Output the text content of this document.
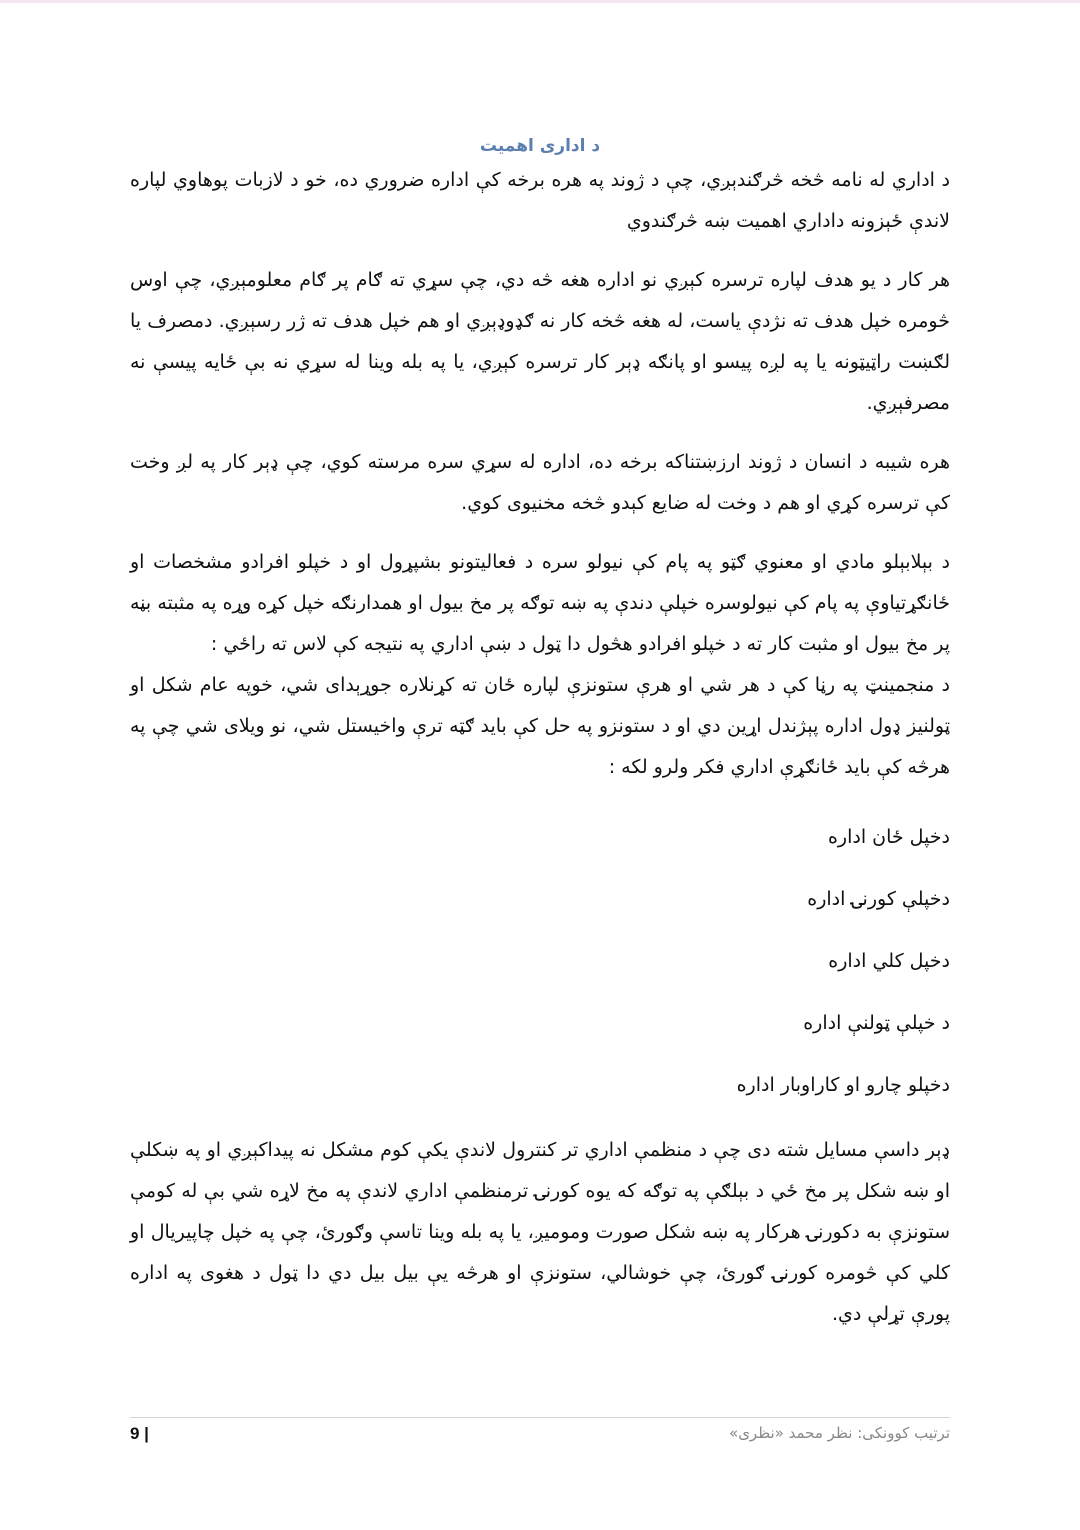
د اداری اهمیت

د اداري له نامه څخه څرګندېږي، چې د ژوند په هره برخه کې اداره ضروري ده، خو د لازبات پوهاوي لپاره لاندې ځېزونه داداري اهمیت ښه څرګندوي

هر کار د یو هدف لپاره ترسره کېږي نو اداره هغه څه دي، چې سړي ته ګام پر ګام معلومېږي، چې اوس څومره خپل هدف ته نژدې یاست، له هغه څخه کار نه ګډوډېږي او هم خپل هدف ته ژر رسېږي. دمصرف یا لګښت راټیټونه یا په لږه پیسو او پانګه ډېر کار ترسره کېږي، یا په بله وینا له سړي نه بې ځایه پیسې نه مصرفېږي.

هره شیبه د انسان د ژوند ارزښتناکه برخه ده، اداره له سړي سره مرسته کوي، چې ډېر کار په لږ وخت کې ترسره کړي او هم د وخت له ضایع کېدو څخه مخنیوی کوي.

د بېلابېلو مادي او معنوي ګټو په پام کې نیولو سره د فعالیتونو بشپړول او د خپلو افرادو مشخصات او ځانګړتیاوې په پام کې نیولوسره خپلې دندې په ښه توګه پر مخ بیول او همدارنګه خپل کړه وړه په مثبته بڼه پر مخ بیول او مثبت کار ته د خپلو افرادو هڅول دا ټول د ښې اداري په نتیجه کې لاس ته راځي :

د منجمینټ په رڼا کې د هر شي او هرې ستونزې لپاره ځان ته کړنلاره جوړېدای شي، خوپه عام شکل او ټولنیز ډول اداره پېژندل اړین دي او د ستونزو په حل کې باید ګټه ترې واخیستل شي، نو ویلای شي چې په هرڅه کې باید ځانګړې اداري فکر ولرو لکه :

دخپل ځان اداره
دخپلې کورنۍ اداره
دخپل کلي اداره
د خپلې ټولنې اداره
دخپلو چارو او کاراوبار اداره

ډېر داسې مسایل شته دی چې د منظمې اداري تر کنترول لاندې یکې کوم مشکل نه پیداکېږي او په ښکلې او ښه شکل پر مخ ځي د بېلګې په توګه که یوه کورنۍ ترمنظمې اداري لاندې په مخ لاړه شي بې له کومې ستونزې به دکورنۍ هرکار په ښه شکل صورت وموميږ، یا په بله وینا تاسې وګورئ، چې په خپل چاپیریال او کلي کې څومره کورنۍ ګورئ، چې خوشالي، ستونزې او هرڅه یې بیل بیل دي دا ټول د هغوی په اداره پورې تړلې دي.

9 |	ترتیب کوونکی: نظر محمد «نظری»
